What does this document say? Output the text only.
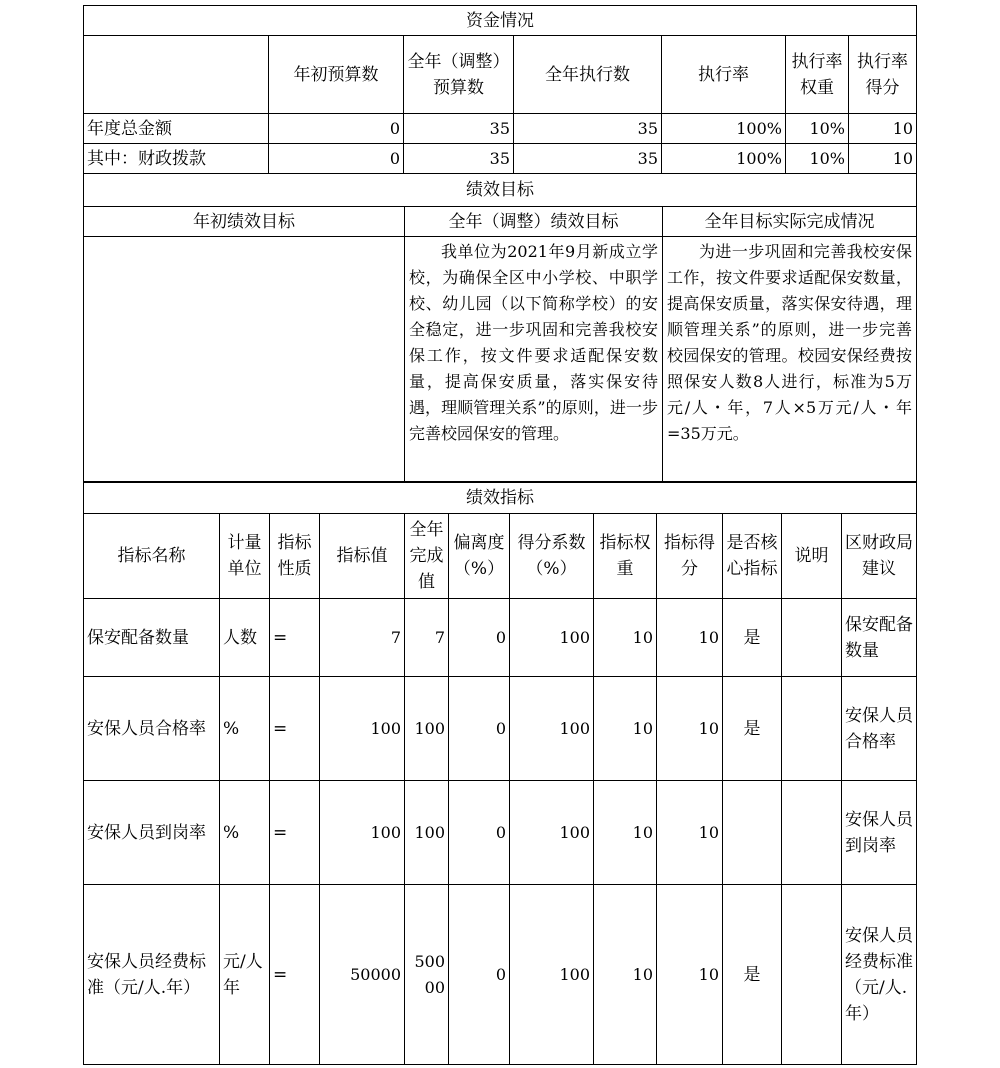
资金情况						
	年初预算数	全年（调整）预算数	全年执行数	执行率	执行率权重	执行率得分
年度总金额	0	35	35	100%	10%	10
其中：财政拨款	0	35	35	100%	10%	10
绩效目标		
年初绩效目标	全年（调整）绩效目标	全年目标实际完成情况
	我单位为2021年9月新成立学校，为确保全区中小学校、中职学校、幼儿园（以下简称学校）的安全稳定，进一步巩固和完善我校安保工作，按文件要求适配保安数量，提高保安质量，落实保安待遇，理顺管理关系”的原则，进一步完善校园保安的管理。	为进一步巩固和完善我校安保工作，按文件要求适配保安数量，提高保安质量，落实保安待遇，理顺管理关系”的原则，进一步完善校园保安的管理。校园安保经费按照保安人数8人进行，标准为5万元/人・年，7人×5万元/人・年=35万元。
绩效指标											
指标名称	计量单位	指标性质	指标值	全年完成值	偏离度（%）	得分系数（%）	指标权重	指标得分	是否核心指标	说明	区财政局建议
保安配备数量	人数	=	7	7	0	100	10	10	是		保安配备数量
安保人员合格率	%	=	100	100	0	100	10	10	是		安保人员合格率
安保人员到岗率	%	=	100	100	0	100	10	10			安保人员到岗率
安保人员经费标准（元/人.年）	元/人年	=	50000	50000	0	100	10	10	是		安保人员经费标准（元/人.年）
